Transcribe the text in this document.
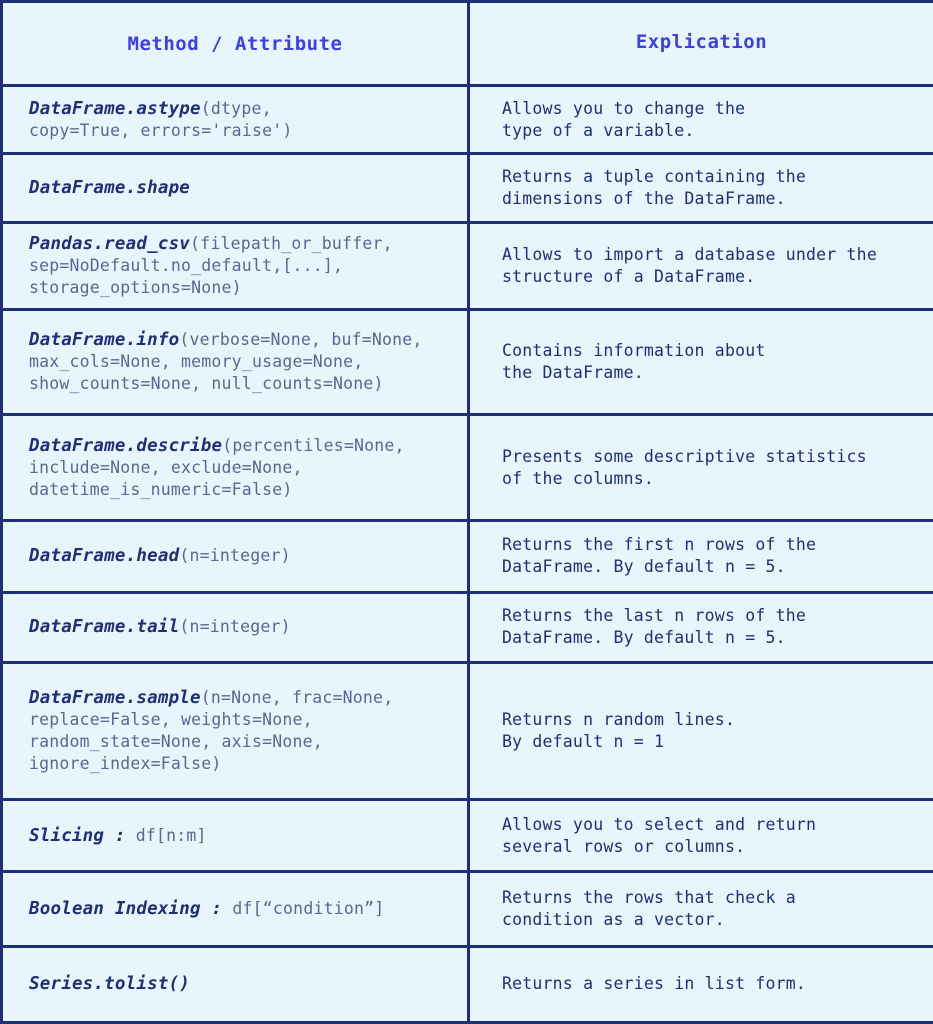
Method / Attribute	Explication

DataFrame.astype(dtype,
copy=True, errors='raise')	Allows you to change the
type of a variable.

DataFrame.shape	Returns a tuple containing the
dimensions of the DataFrame.

Pandas.read_csv(filepath_or_buffer,
sep=NoDefault.no_default,[...],
storage_options=None)	Allows to import a database under the
structure of a DataFrame.

DataFrame.info(verbose=None, buf=None,
max_cols=None, memory_usage=None,
show_counts=None, null_counts=None)	Contains information about
the DataFrame.

DataFrame.describe(percentiles=None,
include=None, exclude=None,
datetime_is_numeric=False)	Presents some descriptive statistics
of the columns.

DataFrame.head(n=integer)	Returns the first n rows of the
DataFrame. By default n = 5.

DataFrame.tail(n=integer)	Returns the last n rows of the
DataFrame. By default n = 5.

DataFrame.sample(n=None, frac=None,
replace=False, weights=None,
random_state=None, axis=None,
ignore_index=False)	Returns n random lines.
By default n = 1

Slicing : df[n:m]	Allows you to select and return
several rows or columns.

Boolean Indexing : df[“condition”]	Returns the rows that check a
condition as a vector.

Series.tolist()	Returns a series in list form.
